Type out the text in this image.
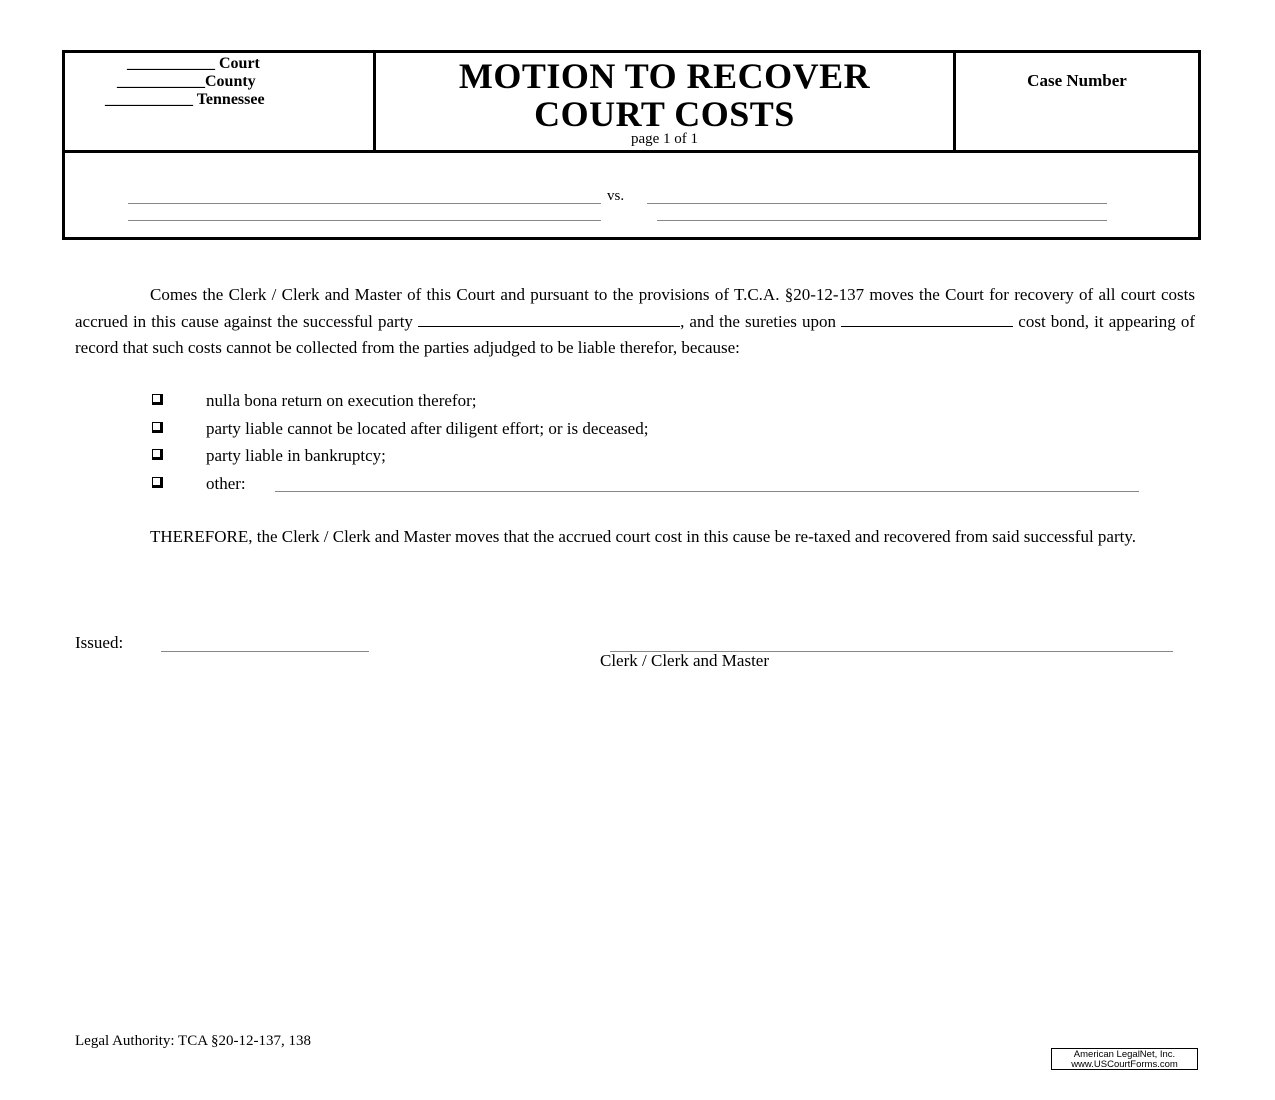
___________ Court
___________County
___________ Tennessee
MOTION TO RECOVER
COURT COSTS
page 1 of 1
Case Number
vs.
Comes the Clerk / Clerk and Master of this Court and pursuant to the provisions of T.C.A. §20-12-137 moves the Court for recovery of all court costs accrued in this cause against the successful party	, and the sureties upon	cost bond, it appearing of record that such costs cannot be collected from the parties adjudged to be liable therefor, because:
nulla bona return on execution therefor;
party liable cannot be located after diligent effort; or is deceased;
party liable in bankruptcy;
other:
THEREFORE, the Clerk / Clerk and Master moves that the accrued court cost in this cause be re-taxed and recovered from said successful party.
Issued:
Clerk / Clerk and Master
Legal Authority: TCA §20-12-137, 138
American LegalNet, Inc.
www.USCourtForms.com
